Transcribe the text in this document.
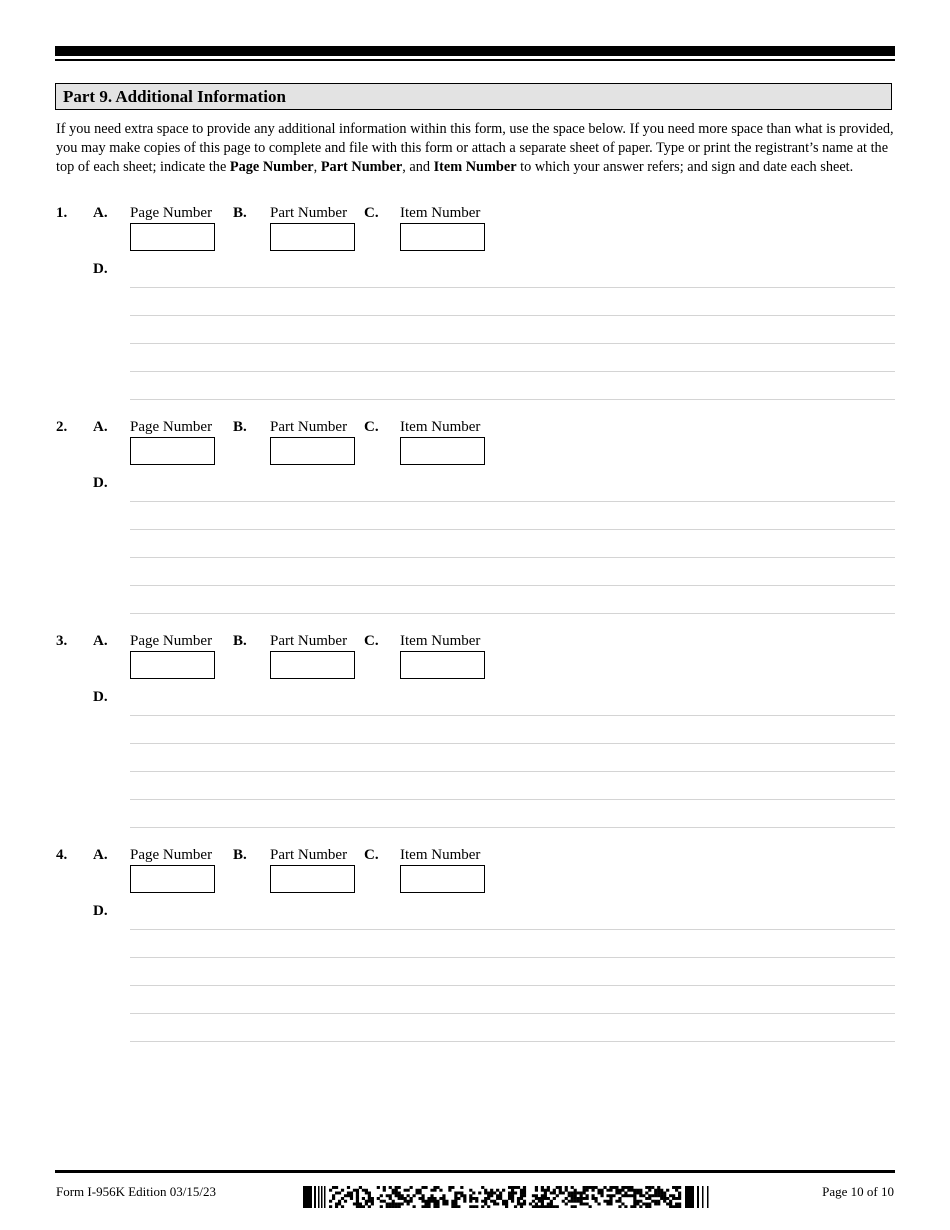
Part 9. Additional Information
If you need extra space to provide any additional information within this form, use the space below. If you need more space than what is provided, you may make copies of this page to complete and file with this form or attach a separate sheet of paper. Type or print the registrant’s name at the top of each sheet; indicate the Page Number, Part Number, and Item Number to which your answer refers; and sign and date each sheet.
1. A. Page Number B. Part Number C. Item Number
D.
2. A. Page Number B. Part Number C. Item Number
D.
3. A. Page Number B. Part Number C. Item Number
D.
4. A. Page Number B. Part Number C. Item Number
D.
Form I-956K Edition 03/15/23	Page 10 of 10
